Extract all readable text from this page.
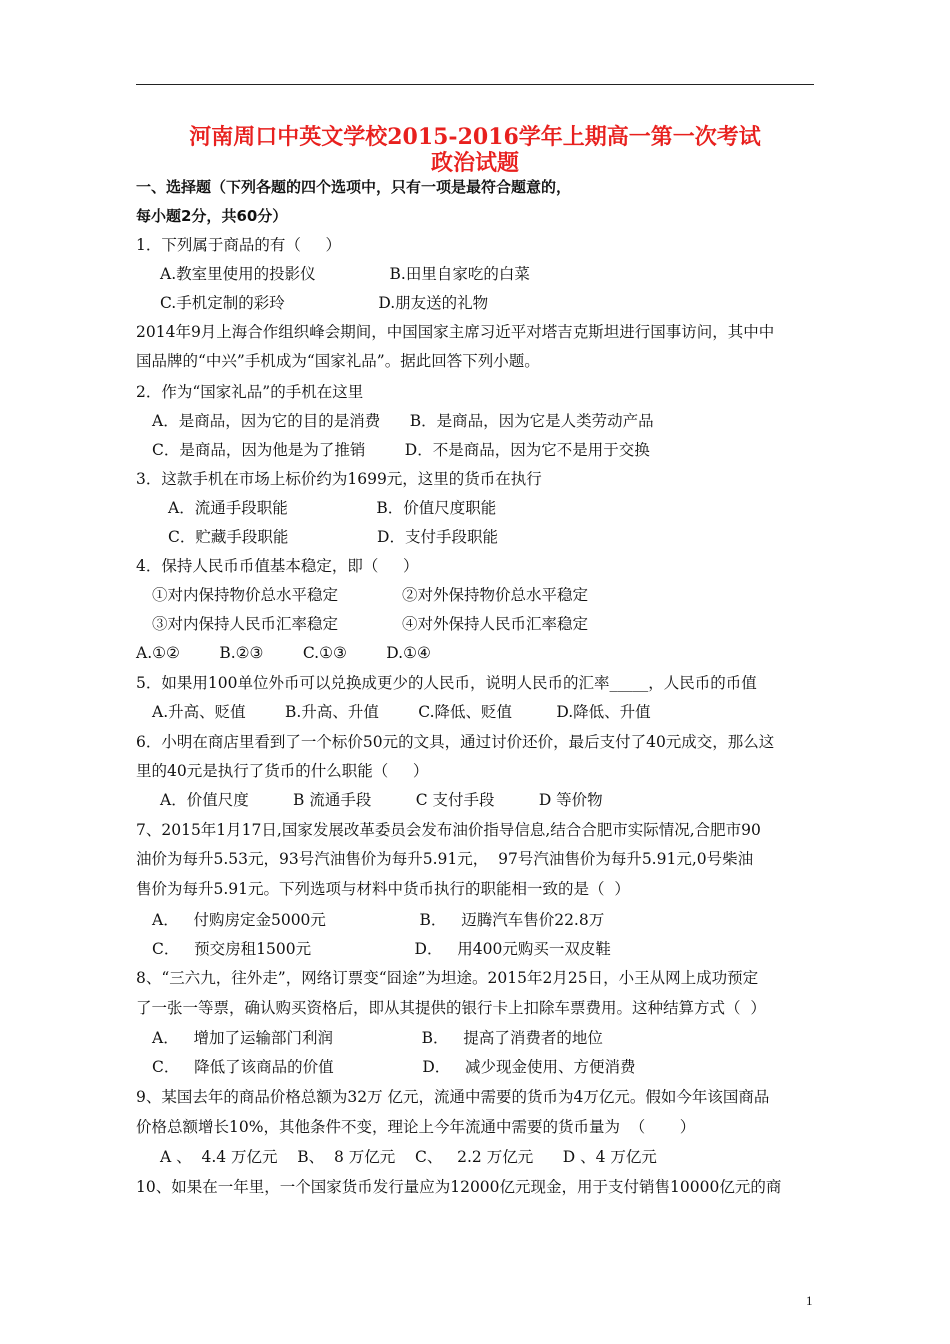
河南周口中英文学校2015-2016学年上期高一第一次考试
政治试题
一、选择题（下列各题的四个选项中，只有一项是最符合题意的，
每小题2分，共60分）
1．下列属于商品的有（     ）
A.教室里使用的投影仪               B.田里自家吃的白菜
C.手机定制的彩玲                   D.朋友送的礼物
2014年9月上海合作组织峰会期间，中国国家主席习近平对塔吉克斯坦进行国事访问，其中中
国品牌的“中兴”手机成为“国家礼品”。据此回答下列小题。
2．作为“国家礼品”的手机在这里
A．是商品，因为它的目的是消费      B．是商品，因为它是人类劳动产品
C．是商品，因为他是为了推销        D．不是商品，因为它不是用于交换
3．这款手机在市场上标价约为1699元，这里的货币在执行
A．流通手段职能                  B．价值尺度职能
C．贮藏手段职能                  D．支付手段职能
4．保持人民币币值基本稳定，即（     ）
①对内保持物价总水平稳定             ②对外保持物价总水平稳定
③对内保持人民币汇率稳定             ④对外保持人民币汇率稳定
A.①②        B.②③        C.①③        D.①④
5．如果用100单位外币可以兑换成更少的人民币，说明人民币的汇率_____，人民币的币值
A.升高、贬值        B.升高、升值        C.降低、贬值         D.降低、升值
6．小明在商店里看到了一个标价50元的文具，通过讨价还价，最后支付了40元成交，那么这
里的40元是执行了货币的什么职能（     ）
A．价值尺度         B 流通手段         C 支付手段         D 等价物
7、2015年1月17日,国家发展改革委员会发布油价指导信息,结合合肥市实际情况,合肥市90
油价为每升5.53元，93号汽油售价为每升5.91元，  97号汽油售价为每升5.91元,0号柴油
售价为每升5.91元。下列选项与材料中货币执行的职能相一致的是（  ）
A．   付购房定金5000元                   B．   迈腾汽车售价22.8万
C．   预交房租1500元                     D．   用400元购买一双皮鞋
8、“三六九，往外走”，网络订票变“囧途”为坦途。2015年2月25日，小王从网上成功预定
了一张一等票，确认购买资格后，即从其提供的银行卡上扣除车票费用。这种结算方式（  ）
A．   增加了运输部门利润                  B．   提高了消费者的地位
C．   降低了该商品的价值                  D．   减少现金使用、方便消费
9、某国去年的商品价格总额为32万 亿元，流通中需要的货币为4万亿元。假如今年该国商品
价格总额增长10%，其他条件不变，理论上今年流通中需要的货币量为  （       ）
A 、  4.4 万亿元    B、  8 万亿元    C、   2.2 万亿元      D 、4 万亿元
10、如果在一年里，一个国家货币发行量应为12000亿元现金，用于支付销售10000亿元的商
1
